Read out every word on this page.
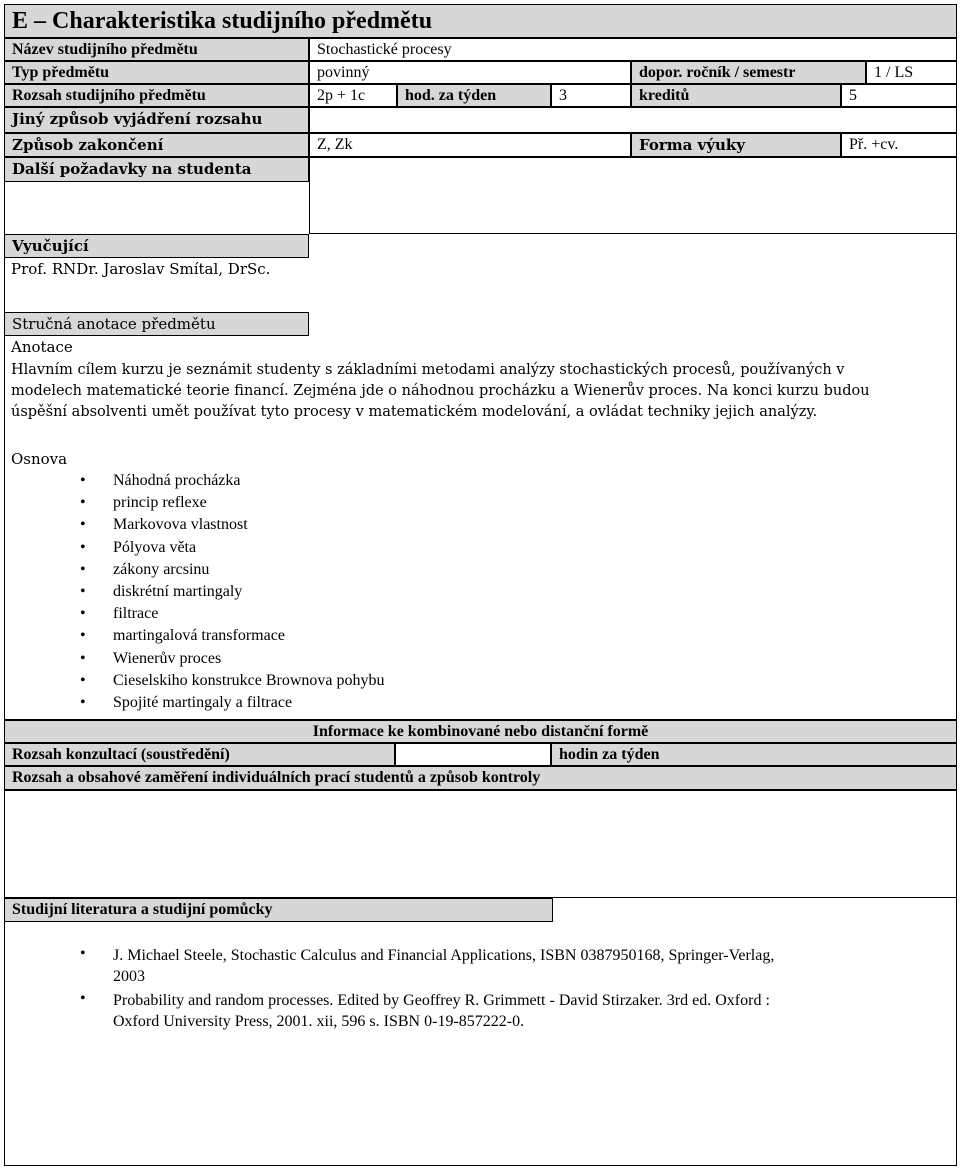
E – Charakteristika studijního předmětu
Název studijního předmětu	Stochastické procesy
Typ předmětu	povinný	dopor. ročník / semestr	1 / LS
Rozsah studijního předmětu	2p + 1c	hod. za týden	3	kreditů	5
Jiný způsob vyjádření rozsahu
Způsob zakončení	Z, Zk	Forma výuky	Př. +cv.
Další požadavky na studenta
Vyučující
Prof. RNDr. Jaroslav Smítal, DrSc.
Stručná anotace předmětu
Anotace
Hlavním cílem kurzu je seznámit studenty s základními metodami analýzy stochastických procesů, používaných v
modelech matematické teorie financí. Zejména jde o náhodnou procházku a Wienerův proces. Na konci kurzu budou
úspěšní absolventi umět používat tyto procesy v matematickém modelování, a ovládat techniky jejich analýzy.
Osnova
• Náhodná procházka
• princip reflexe
• Markovova vlastnost
• Pólyova věta
• zákony arcsinu
• diskrétní martingaly
• filtrace
• martingalová transformace
• Wienerův proces
• Cieselskiho konstrukce Brownova pohybu
• Spojité martingaly a filtrace
Informace ke kombinované nebo distanční formě
Rozsah konzultací (soustředění)	hodin za týden
Rozsah a obsahové zaměření individuálních prací studentů a způsob kontroly
Studijní literatura a studijní pomůcky
• J. Michael Steele, Stochastic Calculus and Financial Applications, ISBN 0387950168, Springer-Verlag,
2003
• Probability and random processes. Edited by Geoffrey R. Grimmett - David Stirzaker. 3rd ed. Oxford :
Oxford University Press, 2001. xii, 596 s. ISBN 0-19-857222-0.
